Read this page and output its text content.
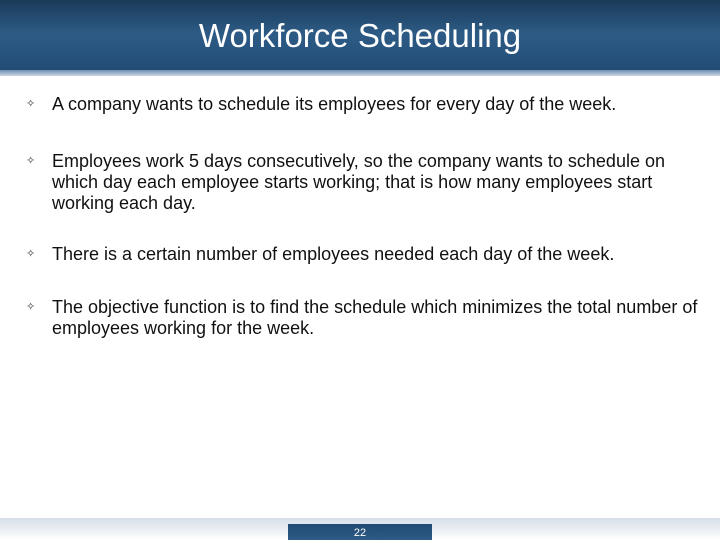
Workforce Scheduling
✧ A company wants to schedule its employees for every day of the week.
✧ Employees work 5 days consecutively, so the company wants to schedule on which day each employee starts working; that is how many employees start working each day.
✧ There is a certain number of employees needed each day of the week.
✧ The objective function is to find the schedule which minimizes the total number of employees working for the week.
22
